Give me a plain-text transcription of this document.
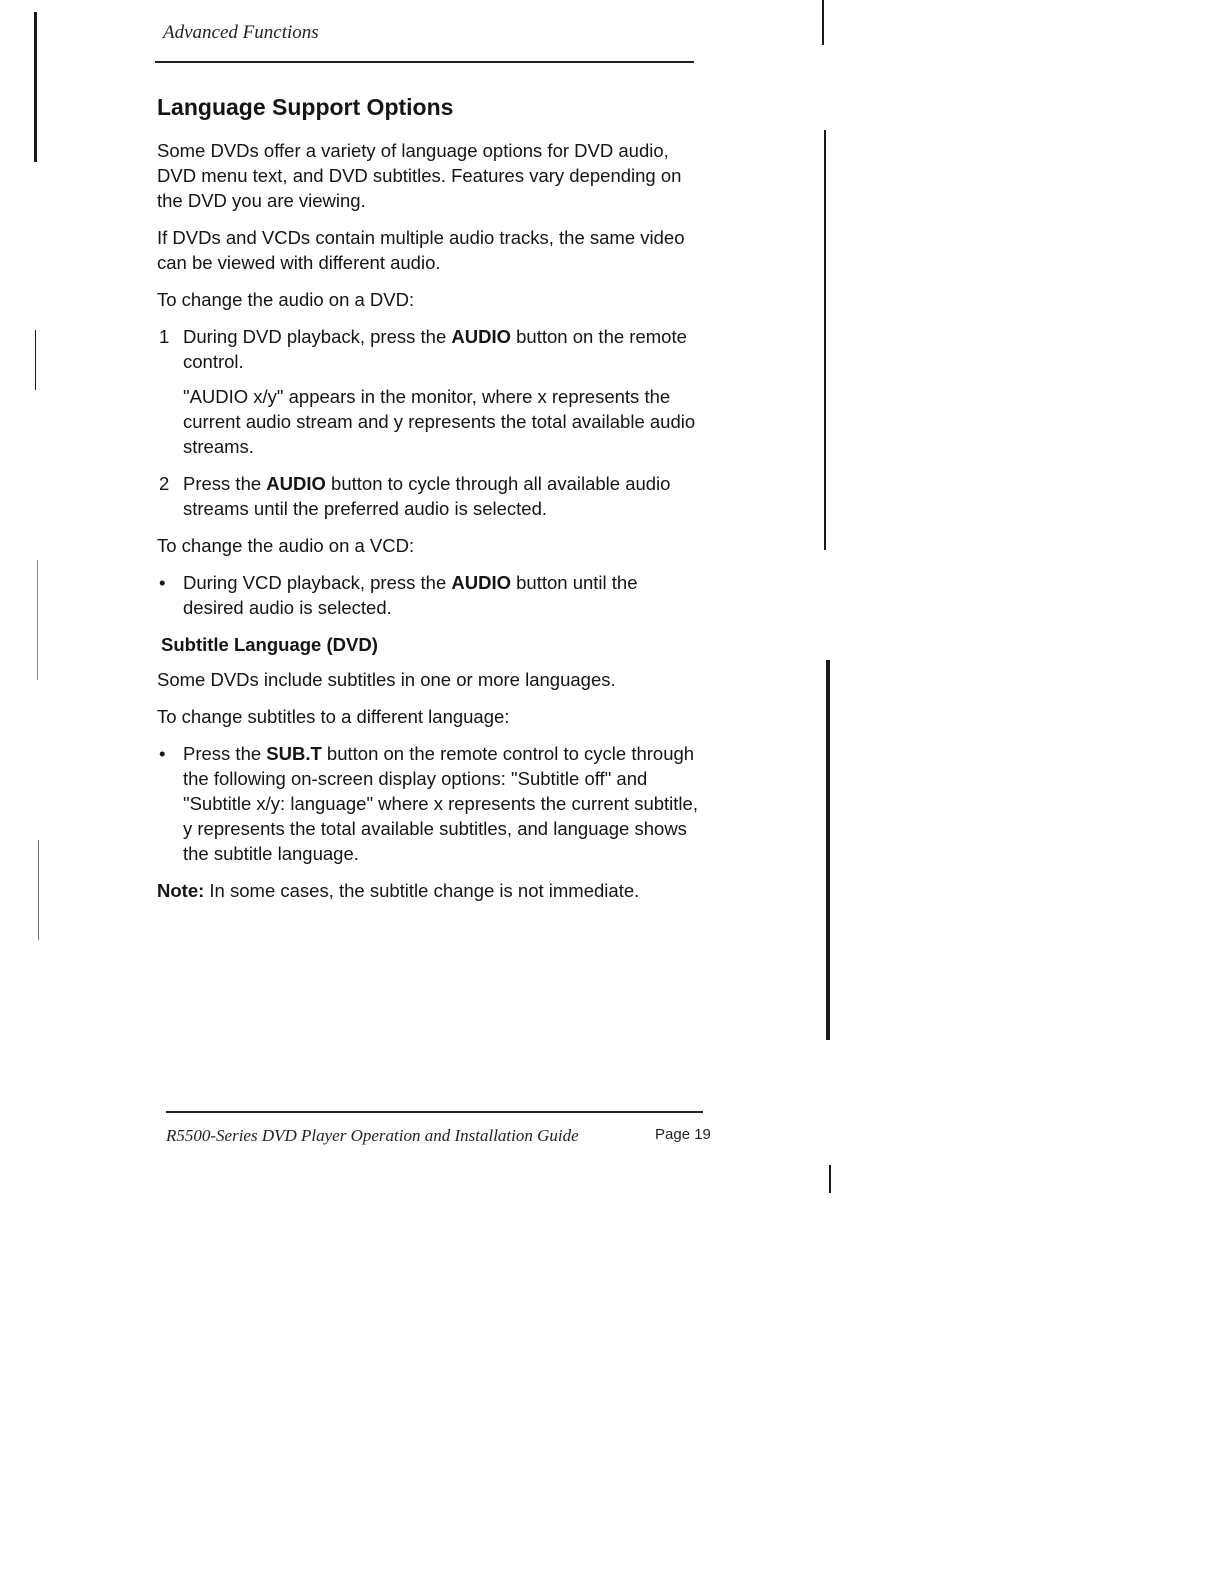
Advanced Functions
Language Support Options

Some DVDs offer a variety of language options for DVD audio, DVD menu text, and DVD subtitles. Features vary depending on the DVD you are viewing.

If DVDs and VCDs contain multiple audio tracks, the same video can be viewed with different audio.

To change the audio on a DVD:

1 During DVD playback, press the AUDIO button on the remote control.
"AUDIO x/y" appears in the monitor, where x represents the current audio stream and y represents the total available audio streams.
2 Press the AUDIO button to cycle through all available audio streams until the preferred audio is selected.

To change the audio on a VCD:

• During VCD playback, press the AUDIO button until the desired audio is selected.
Subtitle Language (DVD)

Some DVDs include subtitles in one or more languages.

To change subtitles to a different language:

• Press the SUB.T button on the remote control to cycle through the following on-screen display options: "Subtitle off" and "Subtitle x/y: language" where x represents the current subtitle, y represents the total available subtitles, and language shows the subtitle language.

Note: In some cases, the subtitle change is not immediate.

R5500-Series DVD Player Operation and Installation Guide	Page 19
